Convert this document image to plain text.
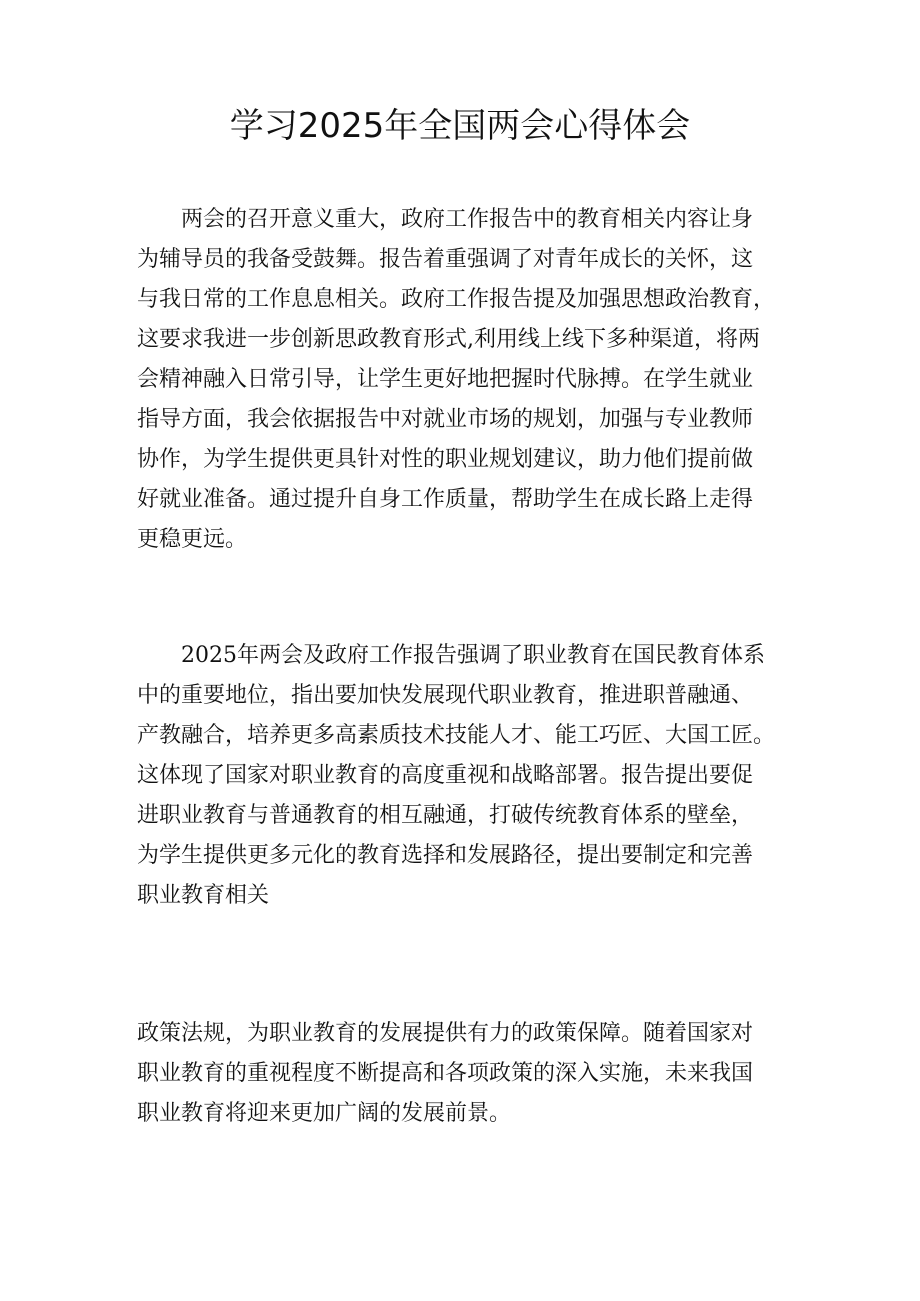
学习2025年全国两会心得体会
两会的召开意义重大，政府工作报告中的教育相关内容让身
为辅导员的我备受鼓舞。报告着重强调了对青年成长的关怀，这
与我日常的工作息息相关。政府工作报告提及加强思想政治教育，
这要求我进一步创新思政教育形式,利用线上线下多种渠道，将两
会精神融入日常引导，让学生更好地把握时代脉搏。在学生就业
指导方面，我会依据报告中对就业市场的规划，加强与专业教师
协作，为学生提供更具针对性的职业规划建议，助力他们提前做
好就业准备。通过提升自身工作质量，帮助学生在成长路上走得
更稳更远。
2025年两会及政府工作报告强调了职业教育在国民教育体系
中的重要地位，指出要加快发展现代职业教育，推进职普融通、
产教融合，培养更多高素质技术技能人才、能工巧匠、大国工匠。
这体现了国家对职业教育的高度重视和战略部署。报告提出要促
进职业教育与普通教育的相互融通，打破传统教育体系的壁垒，
为学生提供更多元化的教育选择和发展路径，提出要制定和完善
职业教育相关
政策法规，为职业教育的发展提供有力的政策保障。随着国家对
职业教育的重视程度不断提高和各项政策的深入实施，未来我国
职业教育将迎来更加广阔的发展前景。
